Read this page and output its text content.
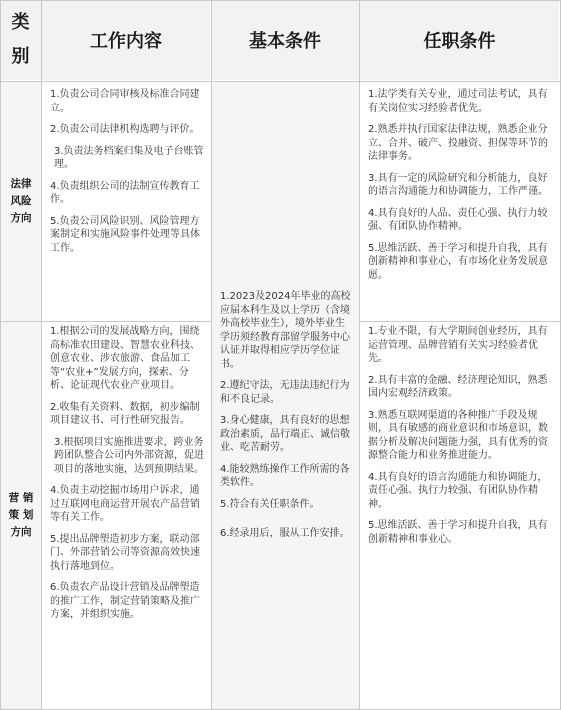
类
别
工作内容	基本条件	任职条件
法律
风险
方向

1.负责公司合同审核及标准合同建立。

2.负责公司法律机构选聘与评价。

3.负责法务档案归集及电子台账管理。

4.负责组织公司的法制宣传教育工作。

5.负责公司风险识别、风险管理方案制定和实施风险事件处理等具体工作。

1.法学类有关专业，通过司法考试，具有有关岗位实习经验者优先。

2.熟悉并执行国家法律法规，熟悉企业分立、合并、破产、投融资、担保等环节的法律事务。

3.具有一定的风险研究和分析能力，良好的语言沟通能力和协调能力，工作严谨。

4.具有良好的人品、责任心强、执行力较强、有团队协作精神。

5.思维活跃、善于学习和提升自我，具有创新精神和事业心，有市场化业务发展意愿。

1.2023及2024年毕业的高校应届本科生及以上学历（含境外高校毕业生），境外毕业生学历须经教育部留学服务中心认证并取得相应学历学位证书。

2.遵纪守法，无违法违纪行为和不良记录。

3.身心健康，具有良好的思想政治素质，品行端正、诚信敬业、吃苦耐劳。

4.能较熟练操作工作所需的各类软件。

5.符合有关任职条件。

6.经录用后，服从工作安排。

营 销
策 划
方向

1.根据公司的发展战略方向，围绕高标准农田建设、智慧农业科技、创意农业、涉农旅游、食品加工等“农业+”发展方向，探索、分析、论证现代农业产业项目。

2.收集有关资料、数据，初步编制项目建议书、可行性研究报告。

3.根据项目实施推进要求，跨业务跨团队整合公司内外部资源，促进项目的落地实施，达到预期结果。

4.负责主动挖掘市场用户诉求，通过互联网电商运营开展农产品营销等有关工作。

5.提出品牌塑造初步方案，联动部门、外部营销公司等资源高效快速执行落地到位。

6.负责农产品设计营销及品牌塑造的推广工作，制定营销策略及推广方案，并组织实施。

1.专业不限，有大学期间创业经历，具有运营管理、品牌营销有关实习经验者优先。

2.具有丰富的金融、经济理论知识，熟悉国内宏观经济政策。

3.熟悉互联网渠道的各种推广手段及规则，具有敏感的商业意识和市场意识，数据分析及解决问题能力强，具有优秀的资源整合能力和业务推进能力。

4.具有良好的语言沟通能力和协调能力，责任心强、执行力较强、有团队协作精神。

5.思维活跃、善于学习和提升自我，具有创新精神和事业心。
